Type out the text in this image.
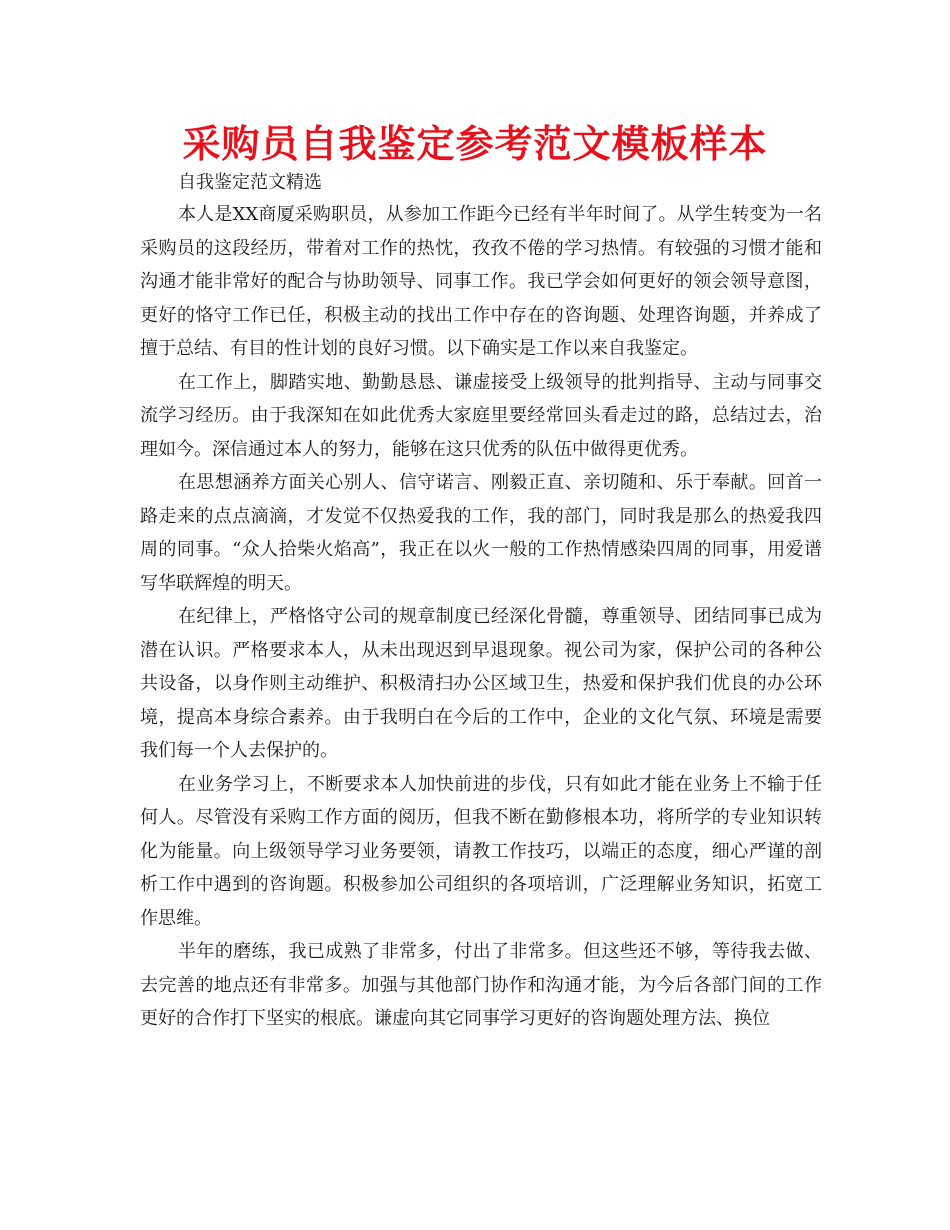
采购员自我鉴定参考范文模板样本

自我鉴定范文精选

本人是XX商厦采购职员，从参加工作距今已经有半年时间了。从学生转变为一名采购员的这段经历，带着对工作的热忱，孜孜不倦的学习热情。有较强的习惯才能和沟通才能非常好的配合与协助领导、同事工作。我已学会如何更好的领会领导意图，更好的恪守工作已任，积极主动的找出工作中存在的咨询题、处理咨询题，并养成了擅于总结、有目的性计划的良好习惯。以下确实是工作以来自我鉴定。

在工作上，脚踏实地、勤勤恳恳、谦虚接受上级领导的批判指导、主动与同事交流学习经历。由于我深知在如此优秀大家庭里要经常回头看走过的路，总结过去，治理如今。深信通过本人的努力，能够在这只优秀的队伍中做得更优秀。

在思想涵养方面关心别人、信守诺言、刚毅正直、亲切随和、乐于奉献。回首一路走来的点点滴滴，才发觉不仅热爱我的工作，我的部门，同时我是那么的热爱我四周的同事。“众人拾柴火焰高”，我正在以火一般的工作热情感染四周的同事，用爱谱写华联辉煌的明天。

在纪律上，严格恪守公司的规章制度已经深化骨髓，尊重领导、团结同事已成为潜在认识。严格要求本人，从未出现迟到早退现象。视公司为家，保护公司的各种公共设备，以身作则主动维护、积极清扫办公区域卫生，热爱和保护我们优良的办公环境，提高本身综合素养。由于我明白在今后的工作中，企业的文化气氛、环境是需要我们每一个人去保护的。

在业务学习上，不断要求本人加快前进的步伐，只有如此才能在业务上不输于任何人。尽管没有采购工作方面的阅历，但我不断在勤修根本功，将所学的专业知识转化为能量。向上级领导学习业务要领，请教工作技巧，以端正的态度，细心严谨的剖析工作中遇到的咨询题。积极参加公司组织的各项培训，广泛理解业务知识，拓宽工作思维。

半年的磨练，我已成熟了非常多，付出了非常多。但这些还不够，等待我去做、去完善的地点还有非常多。加强与其他部门协作和沟通才能，为今后各部门间的工作更好的合作打下坚实的根底。谦虚向其它同事学习更好的咨询题处理方法、换位
